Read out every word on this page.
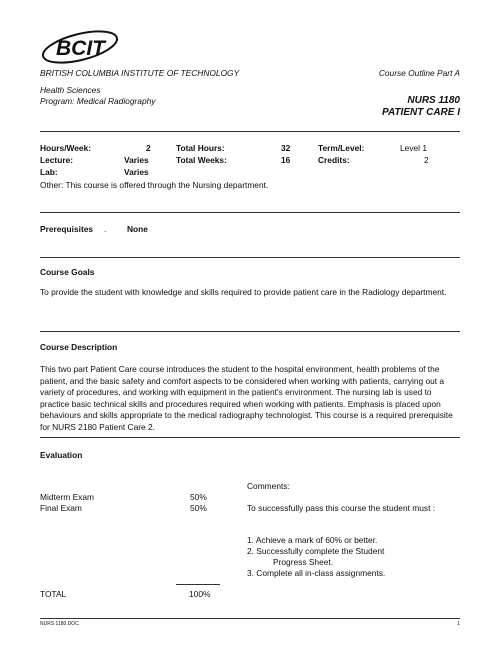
BCIT
BRITISH COLUMBIA INSTITUTE OF TECHNOLOGY	Course Outline Part A
Health Sciences
Program: Medical Radiography	NURS 1180
PATIENT CARE I
Hours/Week:	2
Lecture:	Varies
Lab:	Varies
Total Hours:	32
Total Weeks:	16
Term/Level:	Level 1
Credits:	2
Other: This course is offered through the Nursing department.
Prerequisites . None
Course Goals
To provide the student with knowledge and skills required to provide patient care in the Radiology department.
Course Description
This two part Patient Care course introduces the student to the hospital environment, health problems of the patient, and the basic safety and comfort aspects to be considered when working with patients, carrying out a variety of procedures, and working with equipment in the patient's environment. The nursing lab is used to practice basic technical skills and procedures required when working with patients. Emphasis is placed upon behaviours and skills appropriate to the medical radiography technologist. This course is a required prerequisite for NURS 2180 Patient Care 2.
Evaluation
Midterm Exam	50%
Final Exam	50%
Comments:
To successfully pass this course the student must :
1. Achieve a mark of 60% or better.
2. Successfully complete the Student
Progress Sheet.
3. Complete all in-class assignments.
TOTAL	100%
NURS 1180.DOC	1
